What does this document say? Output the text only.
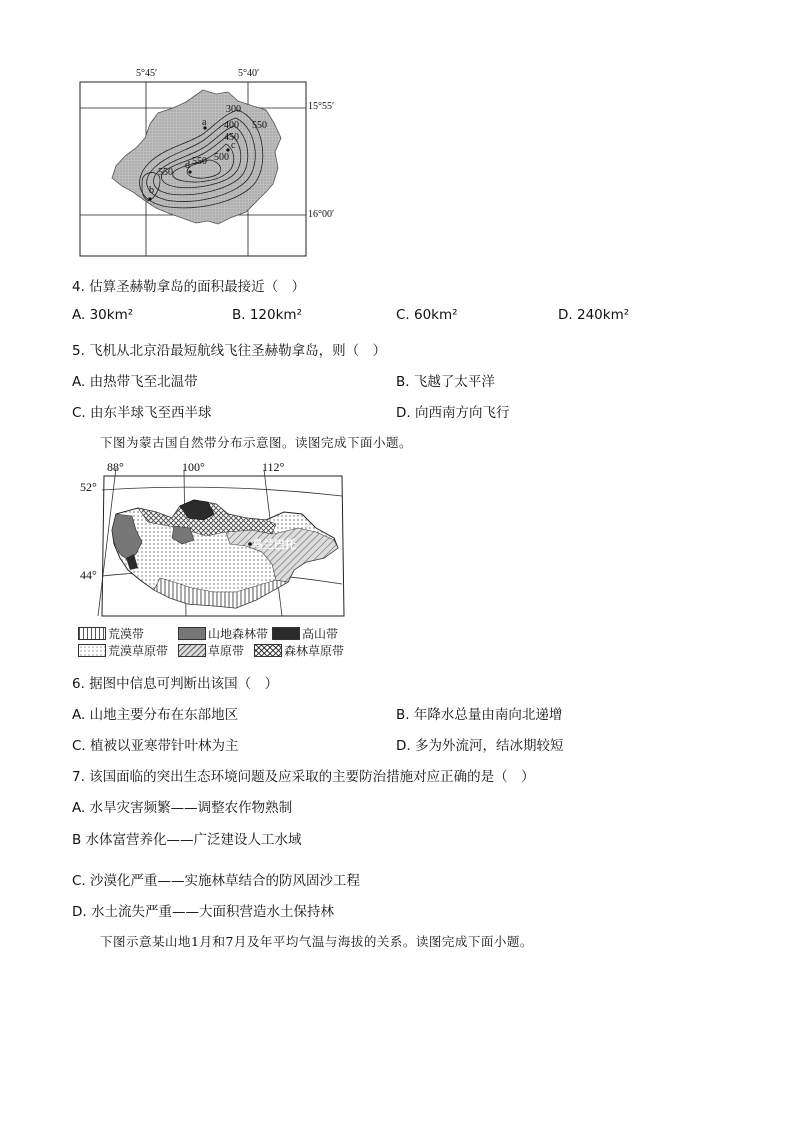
5°45′	5°40′
15°55′
16°00′
300
400
450
500
550
550
550
a
b
c
d
4. 估算圣赫勒拿岛的面积最接近（　）
A. 30km²	B. 120km²	C. 60km²	D. 240km²
5. 飞机从北京沿最短航线飞往圣赫勒拿岛，则（　）
A. 由热带飞至北温带	B. 飞越了太平洋
C. 由东半球飞至西半球	D. 向西南方向飞行
下图为蒙古国自然带分布示意图。读图完成下面小题。
88°	100°	112°
52°
44°
乌兰巴托
荒漠带	山地森林带	高山带
荒漠草原带	草原带	森林草原带
6. 据图中信息可判断出该国（　）
A. 山地主要分布在东部地区	B. 年降水总量由南向北递增
C. 植被以亚寒带针叶林为主	D. 多为外流河，结冰期较短
7. 该国面临的突出生态环境问题及应采取的主要防治措施对应正确的是（　）
A. 水旱灾害频繁——调整农作物熟制
B 水体富营养化——广泛建设人工水域
C. 沙漠化严重——实施林草结合的防风固沙工程
D. 水土流失严重——大面积营造水土保持林
下图示意某山地1月和7月及年平均气温与海拔的关系。读图完成下面小题。
